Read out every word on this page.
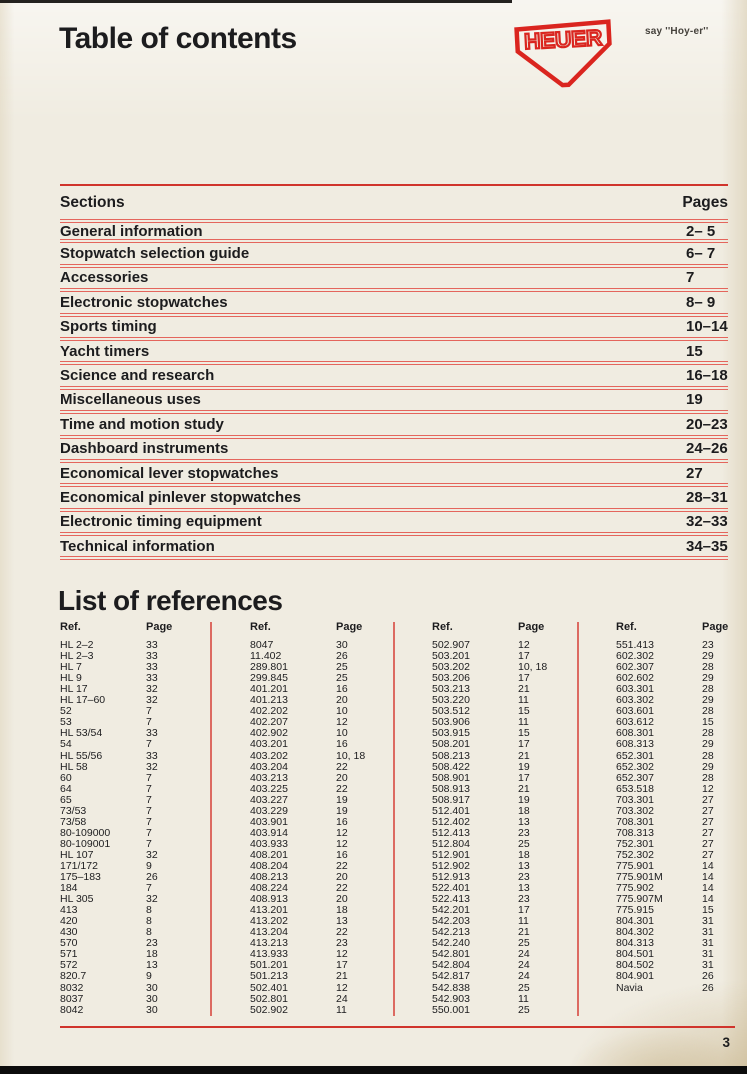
Table of contents	HEUER	say ''Hoy-er''
Sections	Pages
General information	2– 5
Stopwatch selection guide	6– 7
Accessories	7
Electronic stopwatches	8– 9
Sports timing	10–14
Yacht timers	15
Science and research	16–18
Miscellaneous uses	19
Time and motion study	20–23
Dashboard instruments	24–26
Economical lever stopwatches	27
Economical pinlever stopwatches	28–31
Electronic timing equipment	32–33
Technical information	34–35
List of references
Ref.	Page
HL 2–2	33
HL 2–3	33
HL 7	33
HL 9	33
HL 17	32
HL 17–60	32
52	7
53	7
HL 53/54	33
54	7
HL 55/56	33
HL 58	32
60	7
64	7
65	7
73/53	7
73/58	7
80-109000	7
80-109001	7
HL 107	32
171/172	9
175–183	26
184	7
HL 305	32
413	8
420	8
430	8
570	23
571	18
572	13
820.7	9
8032	30
8037	30
8042	30
Ref.	Page
8047	30
11.402	26
289.801	25
299.845	25
401.201	16
401.213	20
402.202	10
402.207	12
402.902	10
403.201	16
403.202	10, 18
403.204	22
403.213	20
403.225	22
403.227	19
403.229	19
403.901	16
403.914	12
403.933	12
408.201	16
408.204	22
408.213	20
408.224	22
408.913	20
413.201	18
413.202	13
413.204	22
413.213	23
413.933	12
501.201	17
501.213	21
502.401	12
502.801	24
502.902	11
Ref.	Page
502.907	12
503.201	17
503.202	10, 18
503.206	17
503.213	21
503.220	11
503.512	15
503.906	11
503.915	15
508.201	17
508.213	21
508.422	19
508.901	17
508.913	21
508.917	19
512.401	18
512.402	13
512.413	23
512.804	25
512.901	18
512.902	13
512.913	23
522.401	13
522.413	23
542.201	17
542.203	11
542.213	21
542.240	25
542.801	24
542.804	24
542.817	24
542.838	25
542.903	11
550.001	25
Ref.	Page
551.413	23
602.302	29
602.307	28
602.602	29
603.301	28
603.302	29
603.601	28
603.612	15
608.301	28
608.313	29
652.301	28
652.302	29
652.307	28
653.518	12
703.301	27
703.302	27
708.301	27
708.313	27
752.301	27
752.302	27
775.901	14
775.901M	14
775.902	14
775.907M	14
775.915	15
804.301	31
804.302	31
804.313	31
804.501	31
804.502	31
804.901	26
Navia	26
3
